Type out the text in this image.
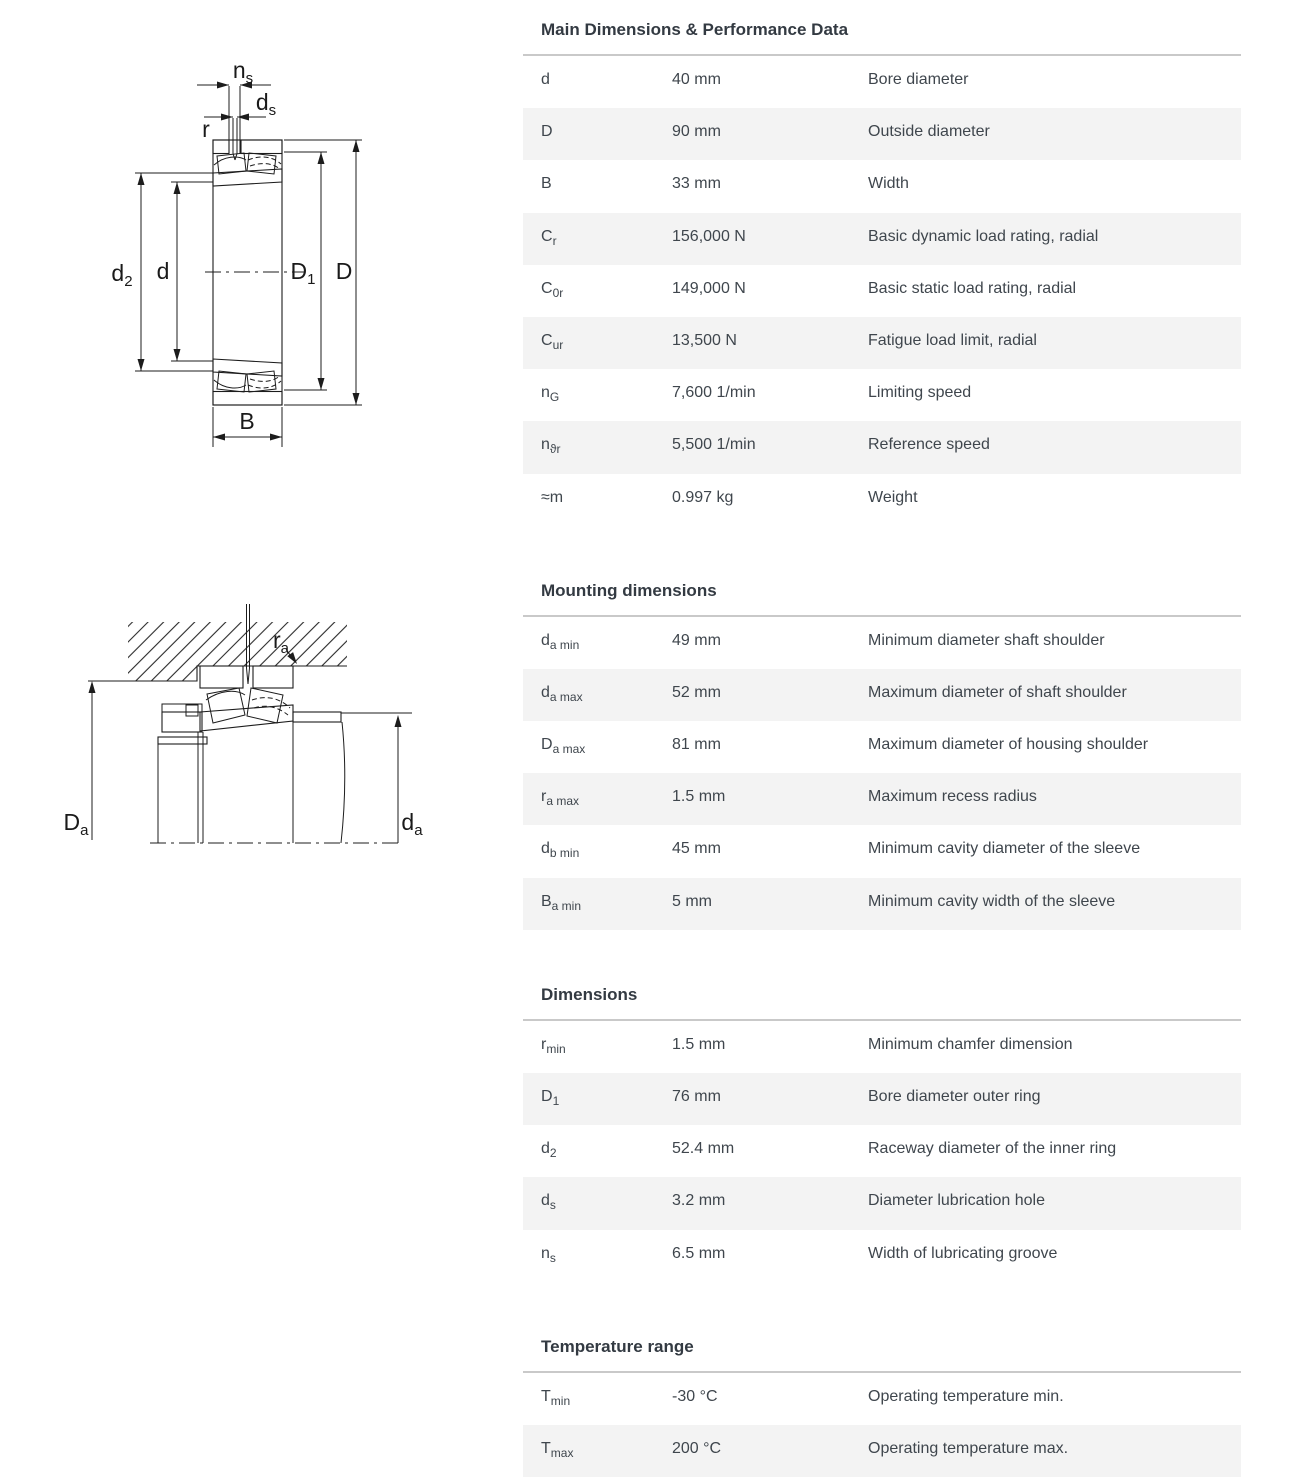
$n_s$
$d_s$
r
$d_2$ d	$D_1$ D
B
$D_a$	$d_a$
$r_a$
Main Dimensions & Performance Data
d	40 mm	Bore diameter
D	90 mm	Outside diameter
B	33 mm	Width
$C_r$	156,000 N	Basic dynamic load rating, radial
$C_{0r}$	149,000 N	Basic static load rating, radial
$C_{ur}$	13,500 N	Fatigue load limit, radial
$n_G$	7,600 1/min	Limiting speed
$n_{ϑr}$	5,500 1/min	Reference speed
≈m	0.997 kg	Weight
Mounting dimensions
$d_{a min}$	49 mm	Minimum diameter shaft shoulder
$d_{a max}$	52 mm	Maximum diameter of shaft shoulder
$D_{a max}$	81 mm	Maximum diameter of housing shoulder
$r_{a max}$	1.5 mm	Maximum recess radius
$d_{b min}$	45 mm	Minimum cavity diameter of the sleeve
$B_{a min}$	5 mm	Minimum cavity width of the sleeve
Dimensions
$r_{min}$	1.5 mm	Minimum chamfer dimension
$D_1$	76 mm	Bore diameter outer ring
$d_2$	52.4 mm	Raceway diameter of the inner ring
$d_s$	3.2 mm	Diameter lubrication hole
$n_s$	6.5 mm	Width of lubricating groove
Temperature range
$T_{min}$	-30 °C	Operating temperature min.
$T_{max}$	200 °C	Operating temperature max.
